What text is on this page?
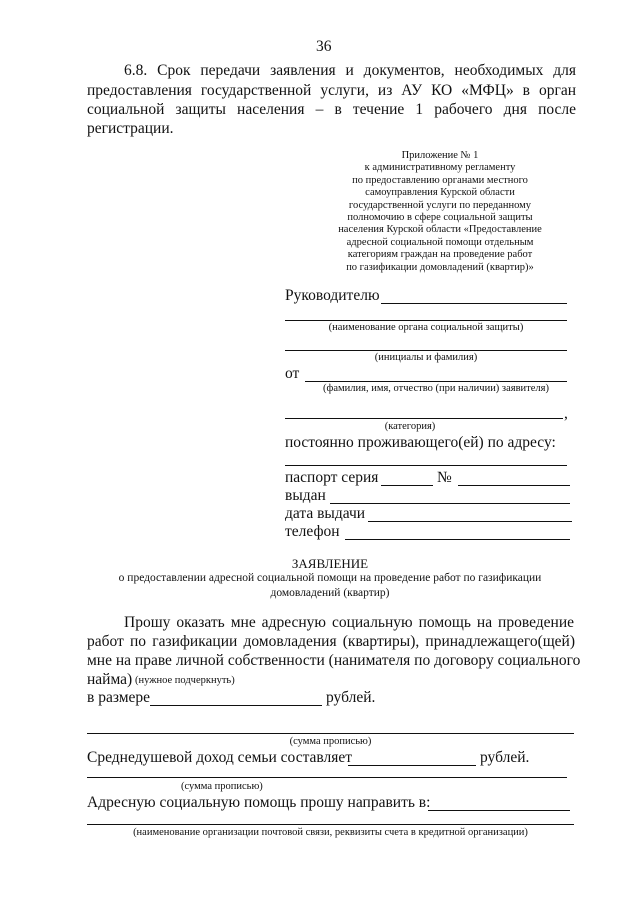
36
6.8. Срок передачи заявления и документов, необходимых для
предоставления государственной услуги, из АУ КО «МФЦ» в орган
социальной защиты населения – в течение 1 рабочего дня после
регистрации.
Приложение № 1
к административному регламенту
по предоставлению органами местного
самоуправления Курской области
государственной услуги по переданному
полномочию в сфере социальной защиты
населения Курской области «Предоставление
адресной социальной помощи отдельным
категориям граждан на проведение работ
по газификации домовладений (квартир)»
Руководителю
(наименование органа социальной защиты)
(инициалы и фамилия)
от
(фамилия, имя, отчество (при наличии) заявителя)
,
(категория)
постоянно проживающего(ей) по адресу:
паспорт серия	№
выдан
дата выдачи
телефон
ЗАЯВЛЕНИЕ
о предоставлении адресной социальной помощи на проведение работ по газификации
домовладений (квартир)
Прошу оказать мне адресную социальную помощь на проведение
работ по газификации домовладения (квартиры), принадлежащего(щей)
мне на праве личной собственности (нанимателя по договору социального
найма) (нужное подчеркнуть)
в размере	рублей.
(сумма прописью)
Среднедушевой доход семьи составляет	рублей.
(сумма прописью)
Адресную социальную помощь прошу направить в:
(наименование организации почтовой связи, реквизиты счета в кредитной организации)
